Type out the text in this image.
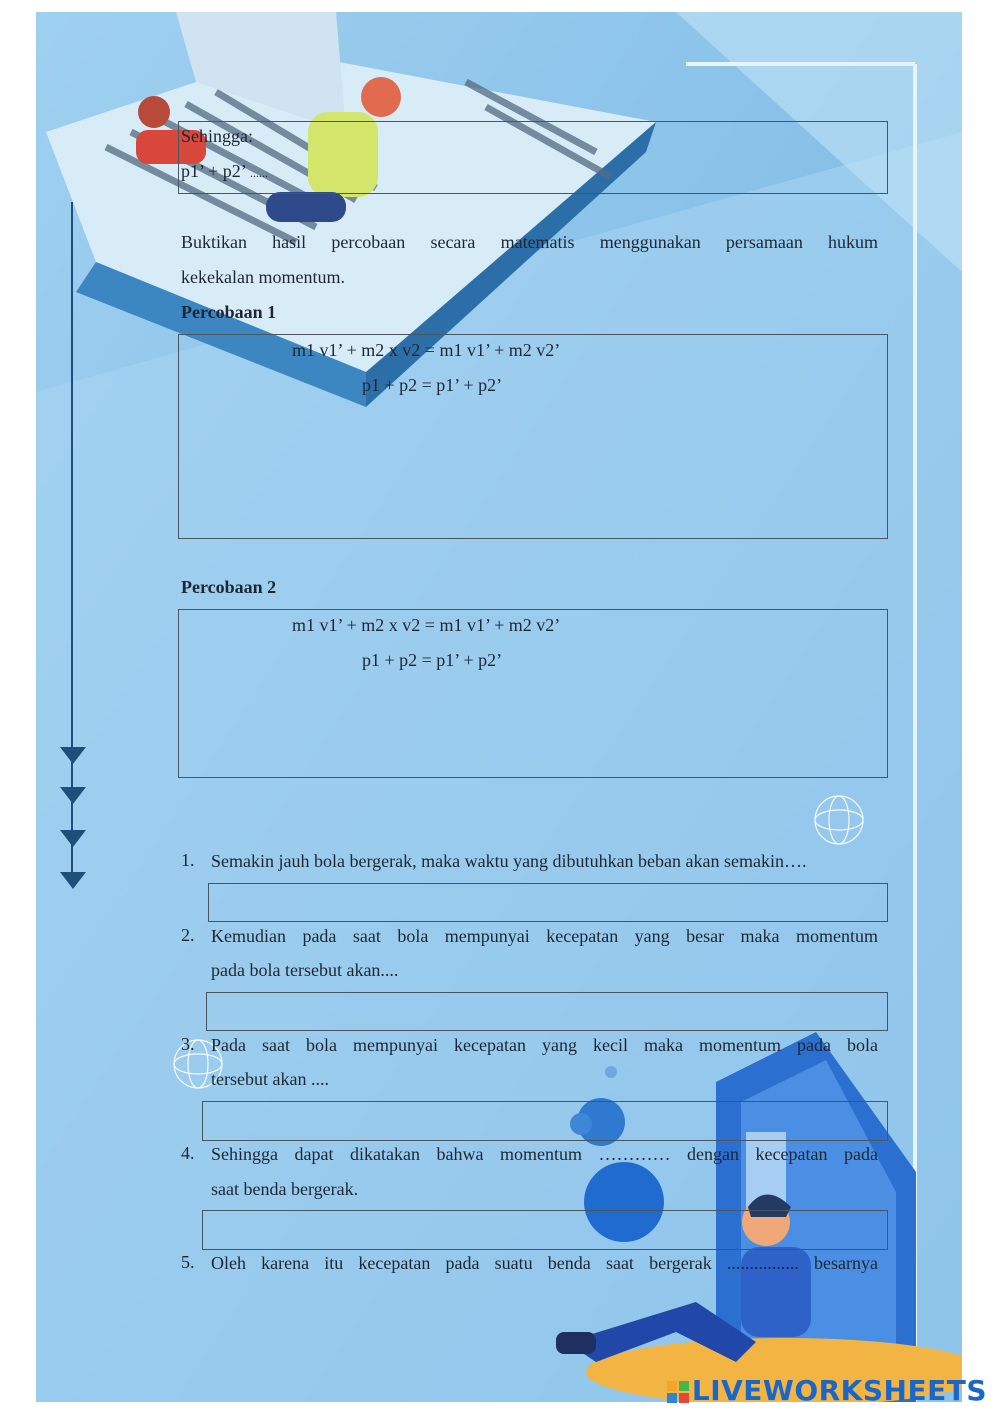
Sehingga:
p1’ + p2’ ......
Buktikan hasil percobaan secara matematis menggunakan persamaan hukum
kekekalan momentum.
Percobaan 1
m1 v1’ + m2 x v2 = m1 v1’ + m2 v2’
p1 + p2 = p1’ + p2’
Percobaan 2
m1 v1’ + m2 x v2 = m1 v1’ + m2 v2’
p1 + p2 = p1’ + p2’
1. Semakin jauh bola bergerak, maka waktu yang dibutuhkan beban akan semakin….
2. Kemudian pada saat bola mempunyai kecepatan yang besar maka momentum
pada bola tersebut akan....
3. Pada saat bola mempunyai kecepatan yang kecil maka momentum pada bola
tersebut akan ....
4. Sehingga dapat dikatakan bahwa momentum ………… dengan kecepatan pada
saat benda bergerak.
5. Oleh karena itu kecepatan pada suatu benda saat bergerak ................ besarnya
LIVEWORKSHEETS
